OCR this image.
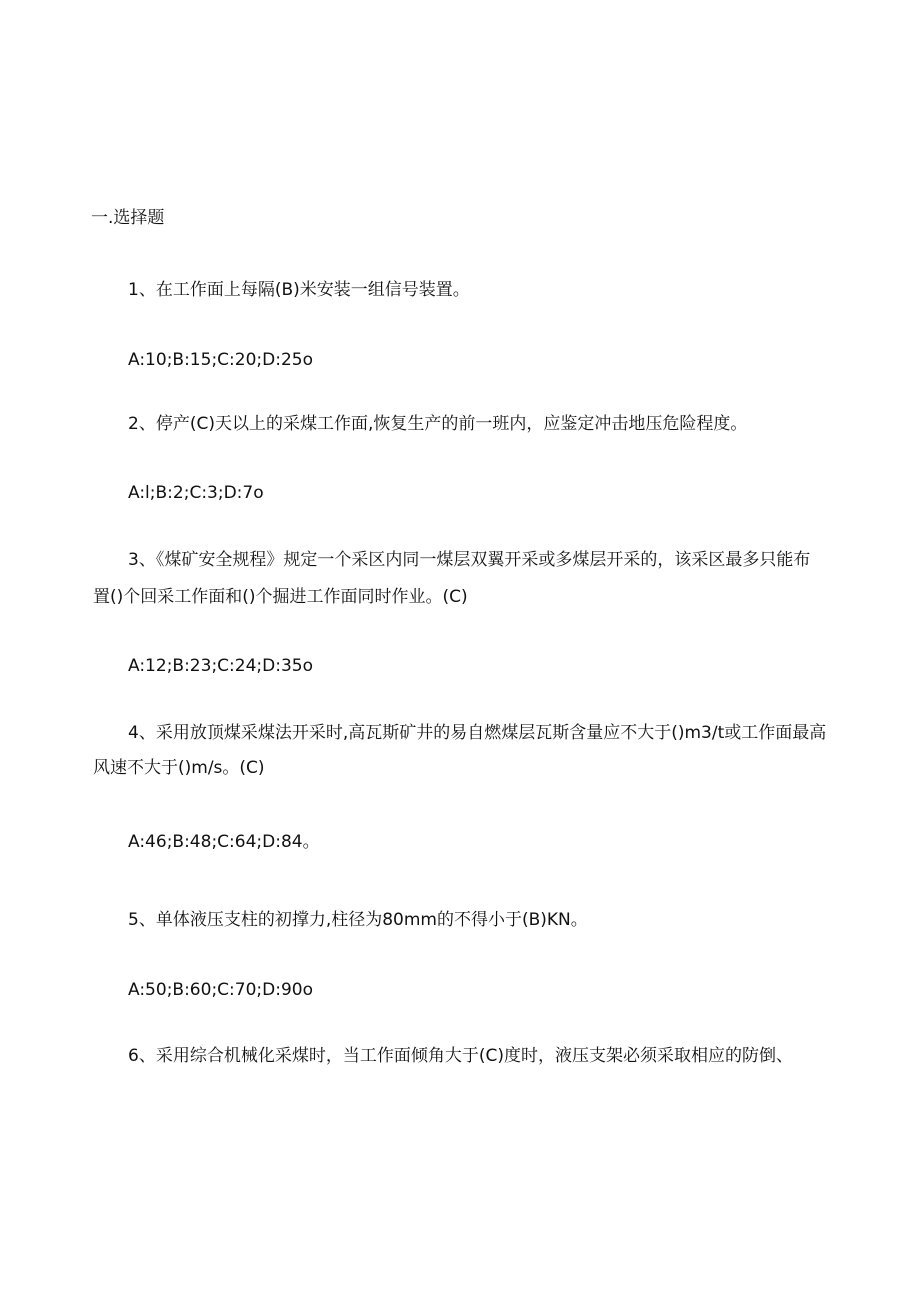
一.选择题
1、在工作面上每隔(B)米安装一组信号装置。
A:10;B:15;C:20;D:25o
2、停产(C)天以上的采煤工作面,恢复生产的前一班内，应鉴定冲击地压危险程度。
A:l;B:2;C:3;D:7o
3、《煤矿安全规程》规定一个采区内同一煤层双翼开采或多煤层开采的，该采区最多只能布
置()个回采工作面和()个掘进工作面同时作业。(C)
A:12;B:23;C:24;D:35o
4、采用放顶煤采煤法开采时,高瓦斯矿井的易自燃煤层瓦斯含量应不大于()m3∕t或工作面最高
风速不大于()m/s。(C)
A:46;B:48;C:64;D:84。
5、单体液压支柱的初撑力,柱径为80mm的不得小于(B)KN。
A:50;B:60;C:70;D:90o
6、采用综合机械化采煤时，当工作面倾角大于(C)度时，液压支架必须采取相应的防倒、
